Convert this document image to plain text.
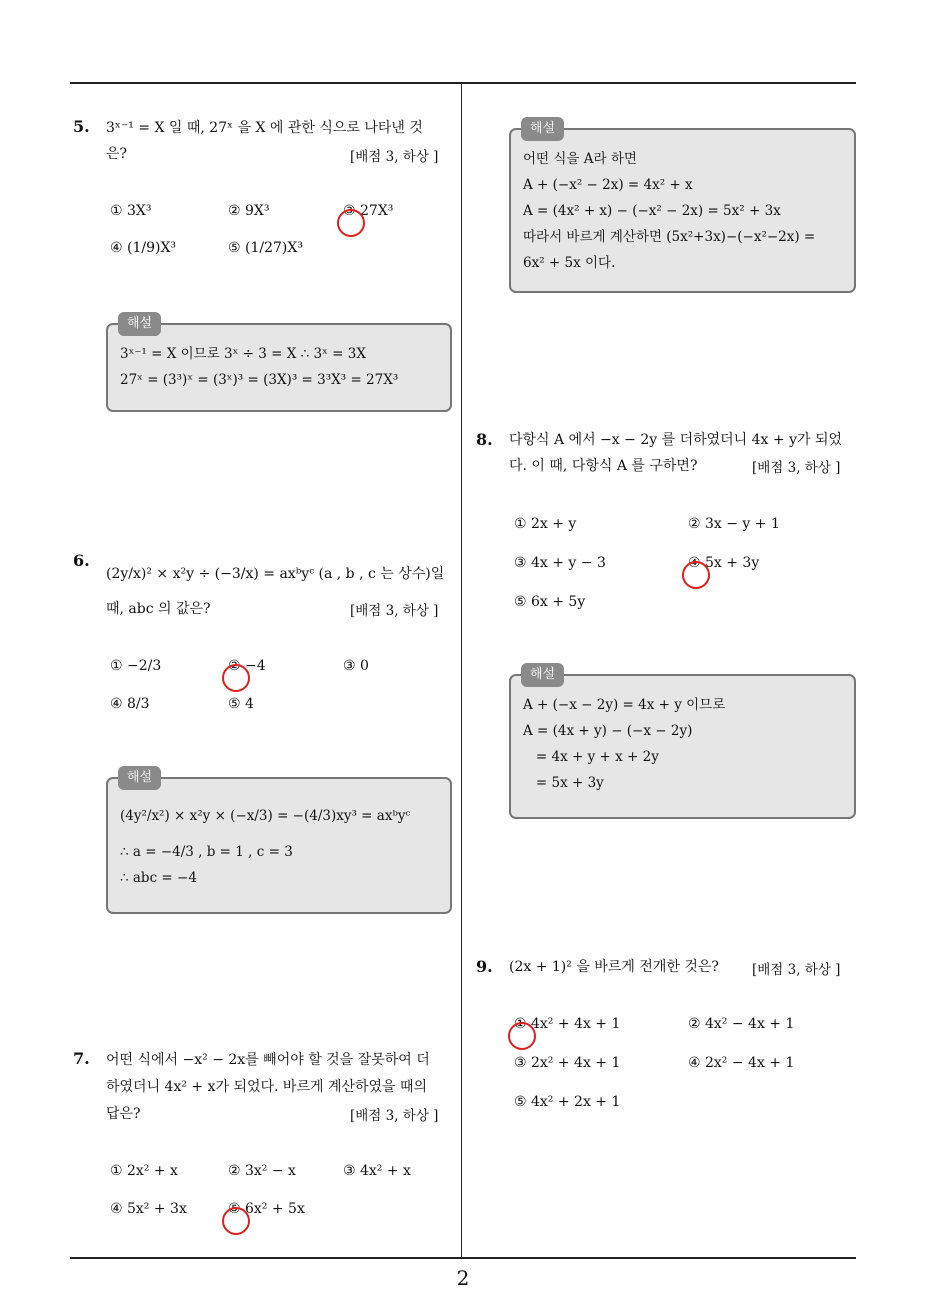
2
5. 3ˣ⁻¹ = X 일 때, 27ˣ 을 X 에 관한 식으로 나타낸 것
은?	[배점 3, 하상 ]
① 3X³	② 9X³	③ 27X³
④ (1/9)X³	⑤ (1/27)X³
해설
3ˣ⁻¹ = X 이므로 3ˣ ÷ 3 = X ∴ 3ˣ = 3X
27ˣ = (3³)ˣ = (3ˣ)³ = (3X)³ = 3³X³ = 27X³
6.
(2y/x)² × x²y ÷ (−3/x) = axᵇyᶜ (a , b , c 는 상수)일
때, abc 의 값은?	[배점 3, 하상 ]
① −2/3	② −4	③ 0
④ 8/3	⑤ 4
해설
(4y²/x²) × x²y × (−x/3) = −(4/3)xy³ = axᵇyᶜ
∴ a = −4/3 , b = 1 , c = 3
∴ abc = −4
7. 어떤 식에서 −x² − 2x를 빼어야 할 것을 잘못하여 더
하였더니 4x² + x가 되었다. 바르게 계산하였을 때의
답은?	[배점 3, 하상 ]
① 2x² + x	② 3x² − x	③ 4x² + x
④ 5x² + 3x	⑤ 6x² + 5x
해설
어떤 식을 A라 하면
A + (−x² − 2x) = 4x² + x
A = (4x² + x) − (−x² − 2x) = 5x² + 3x
따라서 바르게 계산하면 (5x²+3x)−(−x²−2x) =
6x² + 5x 이다.
8. 다항식 A 에서 −x − 2y 를 더하였더니 4x + y가 되었
다. 이 때, 다항식 A 를 구하면?	[배점 3, 하상 ]
① 2x + y	② 3x − y + 1
③ 4x + y − 3	④ 5x + 3y
⑤ 6x + 5y
해설
A + (−x − 2y) = 4x + y 이므로
A = (4x + y) − (−x − 2y)
= 4x + y + x + 2y
= 5x + 3y
9. (2x + 1)² 을 바르게 전개한 것은? [배점 3, 하상 ]
① 4x² + 4x + 1	② 4x² − 4x + 1
③ 2x² + 4x + 1	④ 2x² − 4x + 1
⑤ 4x² + 2x + 1
